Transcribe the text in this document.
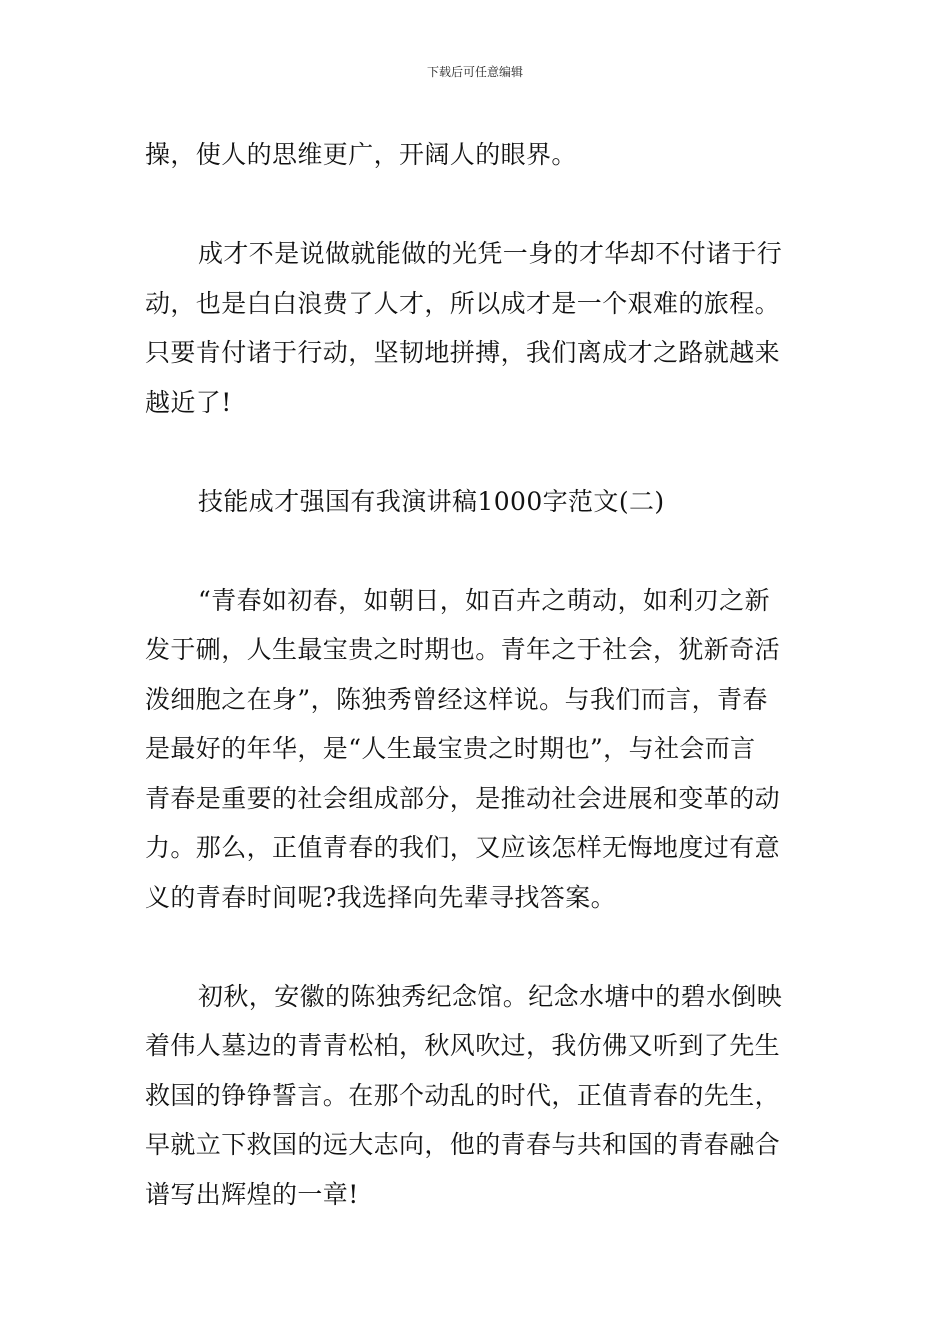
下载后可任意编辑
操，使人的思维更广，开阔人的眼界。
成才不是说做就能做的光凭一身的才华却不付诸于行
动，也是白白浪费了人才，所以成才是一个艰难的旅程。
只要肯付诸于行动，坚韧地拼搏，我们离成才之路就越来
越近了!
技能成才强国有我演讲稿1000字范文(二)
“青春如初春，如朝日，如百卉之萌动，如利刃之新
发于硎，人生最宝贵之时期也。青年之于社会，犹新奇活
泼细胞之在身”，陈独秀曾经这样说。与我们而言，青春
是最好的年华，是“人生最宝贵之时期也”，与社会而言
青春是重要的社会组成部分，是推动社会进展和变革的动
力。那么，正值青春的我们，又应该怎样无悔地度过有意
义的青春时间呢?我选择向先辈寻找答案。
初秋，安徽的陈独秀纪念馆。纪念水塘中的碧水倒映
着伟人墓边的青青松柏，秋风吹过，我仿佛又听到了先生
救国的铮铮誓言。在那个动乱的时代，正值青春的先生，
早就立下救国的远大志向，他的青春与共和国的青春融合
谱写出辉煌的一章!
